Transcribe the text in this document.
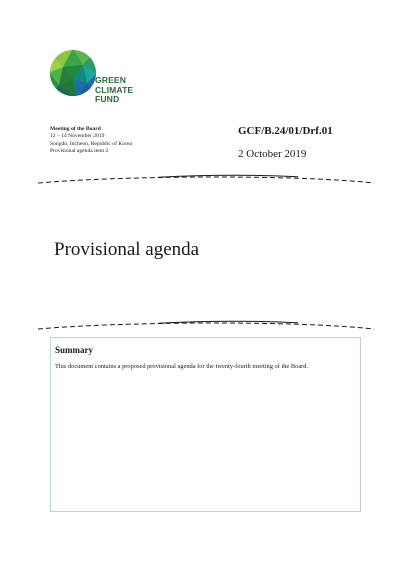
GREEN
CLIMATE
FUND
Meeting of the Board
12 – 14 November 2019
Songdo, Incheon, Republic of Korea
Provisional agenda item 2
GCF/B.24/01/Drf.01
2 October 2019
Provisional agenda
Summary
This document contains a proposed provisional agenda for the twenty-fourth meeting of the Board.
